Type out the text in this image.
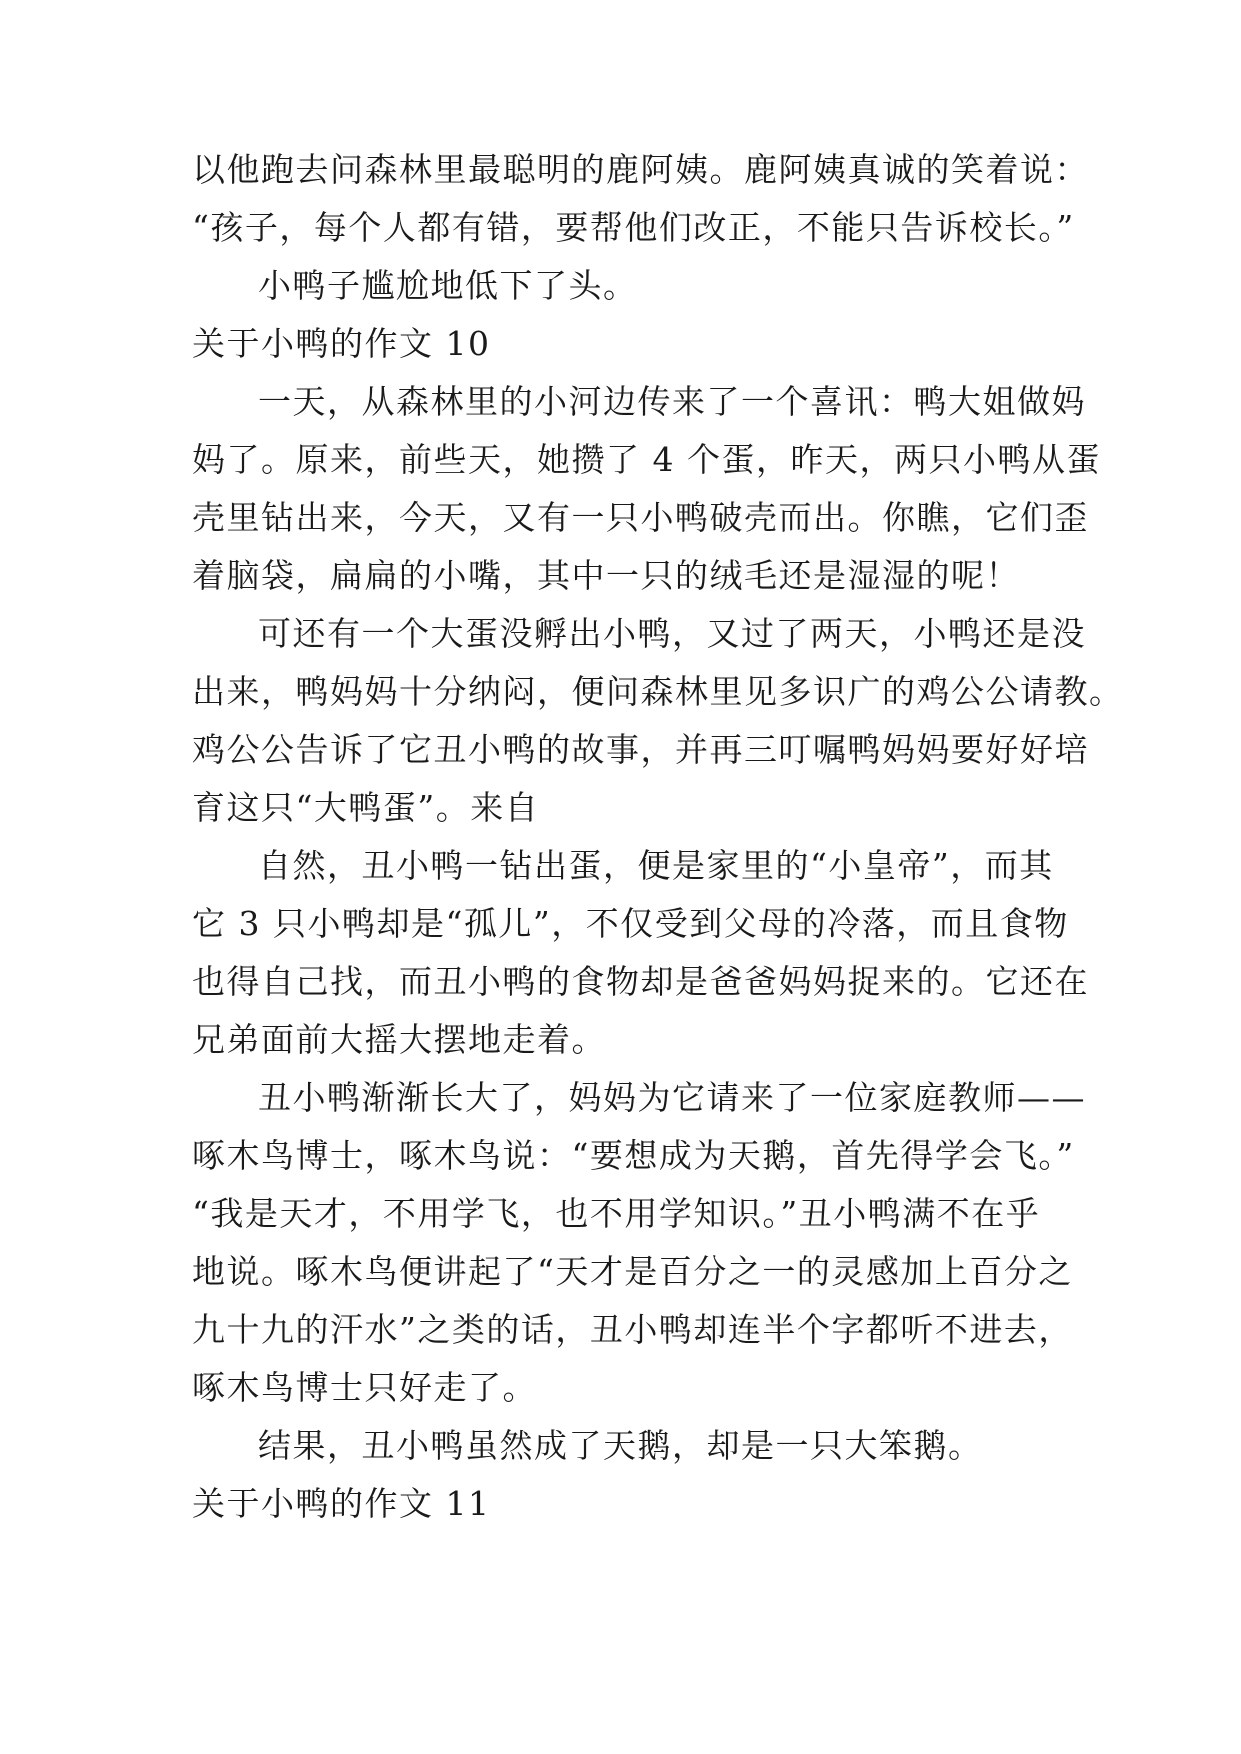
以他跑去问森林里最聪明的鹿阿姨。鹿阿姨真诚的笑着说：
“孩子，每个人都有错，要帮他们改正，不能只告诉校长。”
小鸭子尴尬地低下了头。
关于小鸭的作文 10
一天，从森林里的小河边传来了一个喜讯：鸭大姐做妈
妈了。原来，前些天，她攒了 4 个蛋，昨天，两只小鸭从蛋
壳里钻出来，今天，又有一只小鸭破壳而出。你瞧，它们歪
着脑袋，扁扁的小嘴，其中一只的绒毛还是湿湿的呢！
可还有一个大蛋没孵出小鸭，又过了两天，小鸭还是没
出来，鸭妈妈十分纳闷，便问森林里见多识广的鸡公公请教。
鸡公公告诉了它丑小鸭的故事，并再三叮嘱鸭妈妈要好好培
育这只“大鸭蛋”。来自
自然，丑小鸭一钻出蛋，便是家里的“小皇帝”，而其
它 3 只小鸭却是“孤儿”，不仅受到父母的冷落，而且食物
也得自己找，而丑小鸭的食物却是爸爸妈妈捉来的。它还在
兄弟面前大摇大摆地走着。
丑小鸭渐渐长大了，妈妈为它请来了一位家庭教师——
啄木鸟博士，啄木鸟说：“要想成为天鹅，首先得学会飞。”
“我是天才，不用学飞，也不用学知识。”丑小鸭满不在乎
地说。啄木鸟便讲起了“天才是百分之一的灵感加上百分之
九十九的汗水”之类的话，丑小鸭却连半个字都听不进去，
啄木鸟博士只好走了。
结果，丑小鸭虽然成了天鹅，却是一只大笨鹅。
关于小鸭的作文 11
